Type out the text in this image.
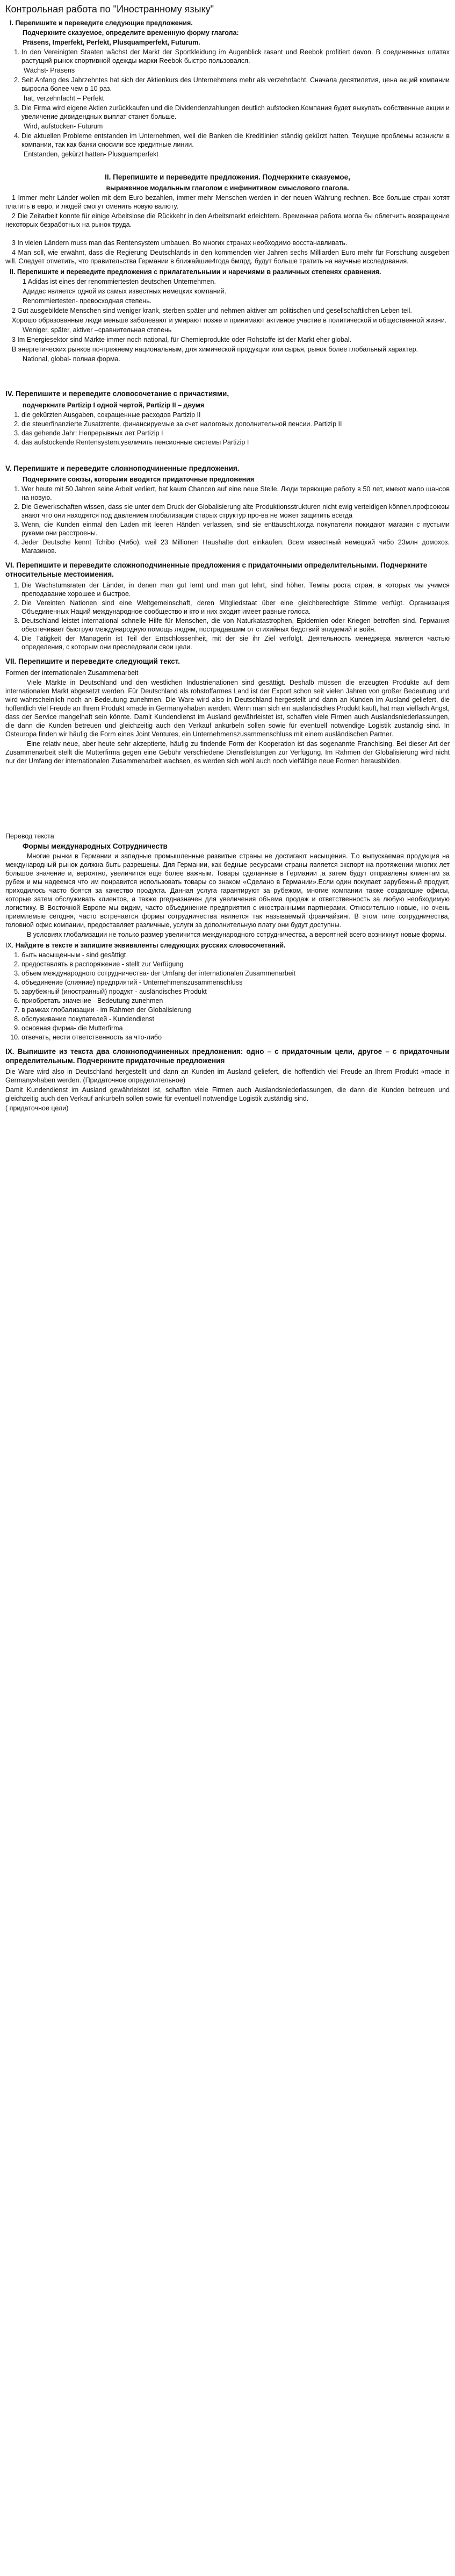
Контрольная работа по "Иностранному языку"

I. Перепишите и переведите следующие предложения.

Подчеркните сказуемое, определите временную форму глагола:

Präsens, Imperfekt, Perfekt, Plusquamperfekt, Futurum.

1. In den Vereinigten Staaten wächst der Markt der Sportkleidung im Augenblick rasant und Reebok profitiert davon. В соединенных штатах растущий рынок спортивной одежды марки Reebok быстро пользовался.

Wächst- Präsens

2. Seit Anfang des Jahrzehntes hat sich der Aktienkurs des Unternehmens mehr als verzehnfacht. Сначала десятилетия, цена акций компании выросла более чем в 10 раз.

hat, verzehnfacht – Perfekt

3. Die Firma wird eigene Aktien zurückkaufen und die Dividendenzahlungen deutlich aufstocken.Компания будет выкупать собственные акции и увеличение дивидендных выплат станет больше.

Wird, aufstocken- Futurum

4. Die aktuellen Probleme entstanden im Unternehmen, weil die Banken die Kreditlinien ständig gekürzt hatten. Текущие проблемы возникли в компании, так как банки сносили все кредитные линии.

Entstanden, gekürzt hatten- Plusquamperfekt

II. Перепишите и переведите предложения. Подчеркните сказуемое,

выраженное модальным глаголом с инфинитивом смыслового глагола.

1 Immer mehr Länder wollen mit dem Euro bezahlen, immer mehr Menschen werden in der neuen Währung rechnen. Все больше стран хотят платить в евро, и людей смогут сменить новую валюту.

2 Die Zeitarbeit konnte für einige Arbeitslose die Rückkehr in den Arbeitsmarkt erleichtern. Временная работа могла бы облегчить возвращение некоторых безработных на рынок труда.

3 In vielen Ländern muss man das Rentensystem umbauen. Во многих странах необходимо восстанавливать.

4 Man soll, wie erwähnt, dass die Regierung Deutschlands in den kommenden vier Jahren sechs Milliarden Euro mehr für Forschung ausgeben will. Следует отметить, что правительства Германии в ближайшие4года 6млрд. будут больше тратить на научные исследования.

II. Перепишите и переведите предложения с прилагательными и наречиями в различных степенях сравнения.

1 Adidas ist eines der renommiertesten deutschen Unternehmen.

Адидас является одной из самых известных немецких компаний.

Renommiertesten- превосходная степень.

2 Gut ausgebildete Menschen sind weniger krank, sterben später und nehmen aktiver am politischen und gesellschaftlichen Leben teil.

Хорошо образованные люди меньше заболевают и умирают позже и принимают активное участие в политической и общественной жизни.

Weniger, später, aktiver –сравнительная степень

3 Im Energiesektor sind Märkte immer noch national, für Chemieprodukte oder Rohstoffe ist der Markt eher global.

В энергетических рынков по-прежнему национальным, для химической продукции или сырья, рынок более глобальный характер.

National, global- полная форма.

IV. Перепишите и переведите словосочетание с причастиями,

подчеркните Partizip I одной чертой, Partizip II – двумя

1. die gekürzten Ausgaben, сокращенные расходов Partizip II
2. die steuerfinanzierte Zusatzrente. финансируемые за счет налоговых дополнительной пенсии. Partizip II
3. das gehende Jahr: Непрерывных лет Partizip I
4. das aufstockende Rentensystem.увеличить пенсионные системы Partizip I

V. Перепишите и переведите сложноподчиненные предложения.

Подчеркните союзы, которыми вводятся придаточные предложения

1. Wer heute mit 50 Jahren seine Arbeit verliert, hat kaum Chancen auf eine neue Stelle. Люди теряющие работу в 50 лет, имеют мало шансов на новую.
2. Die Gewerkschaften wissen, dass sie unter dem Druck der Globalisierung alte Produktionsstrukturen nicht ewig verteidigen können.профсоюзы знают что они находятся под давлением глобализации старых структур про-ва не может защитить всегда
3. Wenn, die Kunden einmal den Laden mit leeren Händen verlassen, sind sie enttäuscht.когда покупатели покидают магазин с пустыми руками они расстроены.
4. Jeder Deutsche kennt Tchibo (Чибо), weil 23 Millionen Haushalte dort einkaufen. Всем известный немецкий чибо 23млн домохоз. Магазинов.

VI. Перепишите и переведите сложноподчиненные предложения с придаточными определительными. Подчеркните относительные местоимения.

1. Die Wachstumsraten der Länder, in denen man gut lernt und man gut lehrt, sind höher. Темпы роста стран, в которых мы учимся преподавание хорошее и быстрое.
2. Die Vereinten Nationen sind eine Weltgemeinschaft, deren Mitgliedstaat über eine gleichberechtigte Stimme verfügt. Организация Объединенных Наций международное сообщество и кто и них входит имеет равные голоса.
3. Deutschland leistet international schnelle Hilfe für Menschen, die von Naturkatastrophen, Epidemien oder Kriegen betroffen sind. Германия обеспечивает быструю международную помощь людям, пострадавшим от стихийных бедствий эпидемий и войн.
4. Die Tätigkeit der Managerin ist Teil der Entschlossenheit, mit der sie ihr Ziel verfolgt. Деятельность менеджера является частью определения, с которым они преследовали свои цели.

VII. Перепишите и переведите следующий текст.

Formen der internationalen Zusammenarbeit

Viele Märkte in Deutschland und den westlichen Industrienationen sind gesättigt. Deshalb müssen die erzeugten Produkte auf dem internationalen Markt abgesetzt werden. Für Deutschland als rohstoffarmes Land ist der Export schon seit vielen Jahren von großer Bedeutung und wird wahrscheinlich noch an Bedeutung zunehmen. Die Ware wird also in Deutschland hergestellt und dann an Kunden im Ausland geliefert, die hoffentlich viel Freude an Ihrem Produkt «made in Germany»haben werden. Wenn man sich ein ausländisches Produkt kauft, hat man vielfach Angst, dass der Service mangelhaft sein könnte. Damit Kundendienst im Ausland gewährleistet ist, schaffen viele Firmen auch Auslandsniederlassungen, die dann die Kunden betreuen und gleichzeitig auch den Verkauf ankurbeln sollen sowie für eventuell notwendige Logistik zuständig sind. In Osteuropa finden wir häufig die Form eines Joint Ventures, ein Unternehmenszusammenschluss mit einem ausländischen Partner.

Eine relativ neue, aber heute sehr akzeptierte, häufig zu findende Form der Kooperation ist das sogenannte Franchising. Bei dieser Art der Zusammenarbeit stellt die Mutterfirma gegen eine Gebühr verschiedene Dienstleistungen zur Verfügung. Im Rahmen der Globalisierung wird nicht nur der Umfang der internationalen Zusammenarbeit wachsen, es werden sich wohl auch noch vielfältige neue Formen herausbilden.

Перевод текста

Формы международных Сотрудничеств

Многие рынки в Германии и западные промышленные развитые страны не достигают насыщения. Т.о выпускаемая продукция на международный рынок должна быть разрешены. Для Германии, как бедные ресурсами страны является экспорт на протяжении многих лет большое значение и, вероятно, увеличится еще более важным. Товары сделанные в Германии ,а затем будут отправлены клиентам за рубеж и мы надеемся что им понравится использовать товары со знаком «Сделано в Германии».Если один покупает зарубежный продукт, приходилось часто боятся за качество продукта. Данная услуга гарантируют за рубежом, многие компании также создающие офисы, которые затем обслуживать клиентов, а также preдназначен для увеличения объема продаж и ответственность за любую необходимую логистику. В Восточной Европе мы видим, часто объединение предприятия с иностранными партнерами. Относительно новые, но очень приемлемые сегодня, часто встречается формы сотрудничества является так называемый франчайзинг. В этом типе сотрудничества, головной офис компании, предоставляет различные, услуги за дополнительную плату они будут доступны.

В условиях глобализации не только размер увеличится международного сотрудничества, а вероятней всего возникнут новые формы.

IX. Найдите в тексте и запишите эквиваленты следующих русских словосочетаний.

1. быть насыщенным - sind gesättigt
2. предоставлять в распоряжение - stellt zur Verfügung
3. объем международного сотрудничества- der Umfang der internationalen Zusammenarbeit
4. объединение (слияние) предприятий - Unternehmenszusammenschluss
5. зарубежный (иностранный) продукт - ausländisches Produkt
6. приобретать значение - Bedeutung zunehmen
7. в рамках глобализации - im Rahmen der Globalisierung
8. обслуживание покупателей - Kundendienst
9. основная фирма- die Mutterfirma
10. отвечать, нести ответственность за что-либо

IX. Выпишите из текста два сложноподчиненных предложения: одно – с придаточным цели, другое – с придаточным определительным. Подчеркните придаточные предложения

Die Ware wird also in Deutschland hergestellt und dann an Kunden im Ausland geliefert, die hoffentlich viel Freude an Ihrem Produkt «made in Germany»haben werden. (Придаточное определительное)

Damit Kundendienst im Ausland gewährleistet ist, schaffen viele Firmen auch Auslandsniederlassungen, die dann die Kunden betreuen und gleichzeitig auch den Verkauf ankurbeln sollen sowie für eventuell notwendige Logistik zuständig sind.

( придаточное цели)
